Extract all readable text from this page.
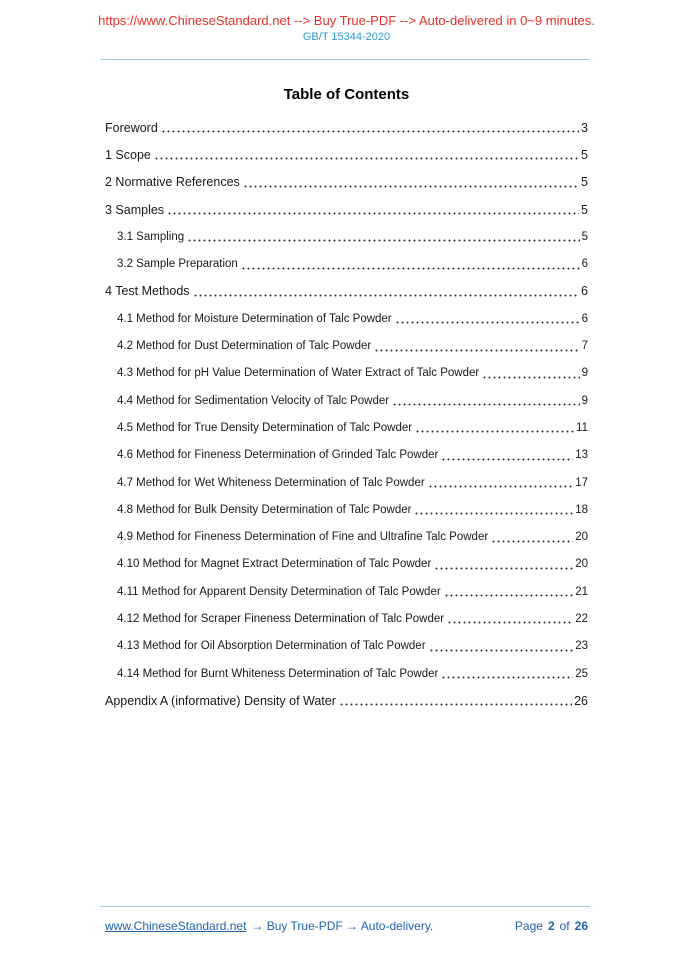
https://www.ChineseStandard.net --> Buy True-PDF --> Auto-delivered in 0~9 minutes.
GB/T 15344-2020
Table of Contents
Foreword	3
1 Scope	5
2 Normative References	5
3 Samples	5
3.1 Sampling	5
3.2 Sample Preparation	6
4 Test Methods	6
4.1 Method for Moisture Determination of Talc Powder	6
4.2 Method for Dust Determination of Talc Powder	7
4.3 Method for pH Value Determination of Water Extract of Talc Powder	9
4.4 Method for Sedimentation Velocity of Talc Powder	9
4.5 Method for True Density Determination of Talc Powder	11
4.6 Method for Fineness Determination of Grinded Talc Powder	13
4.7 Method for Wet Whiteness Determination of Talc Powder	17
4.8 Method for Bulk Density Determination of Talc Powder	18
4.9 Method for Fineness Determination of Fine and Ultrafine Talc Powder	20
4.10 Method for Magnet Extract Determination of Talc Powder	20
4.11 Method for Apparent Density Determination of Talc Powder	21
4.12 Method for Scraper Fineness Determination of Talc Powder	22
4.13 Method for Oil Absorption Determination of Talc Powder	23
4.14 Method for Burnt Whiteness Determination of Talc Powder	25
Appendix A (informative) Density of Water	26
www.ChineseStandard.net → Buy True-PDF → Auto-delivery.	Page 2 of 26
